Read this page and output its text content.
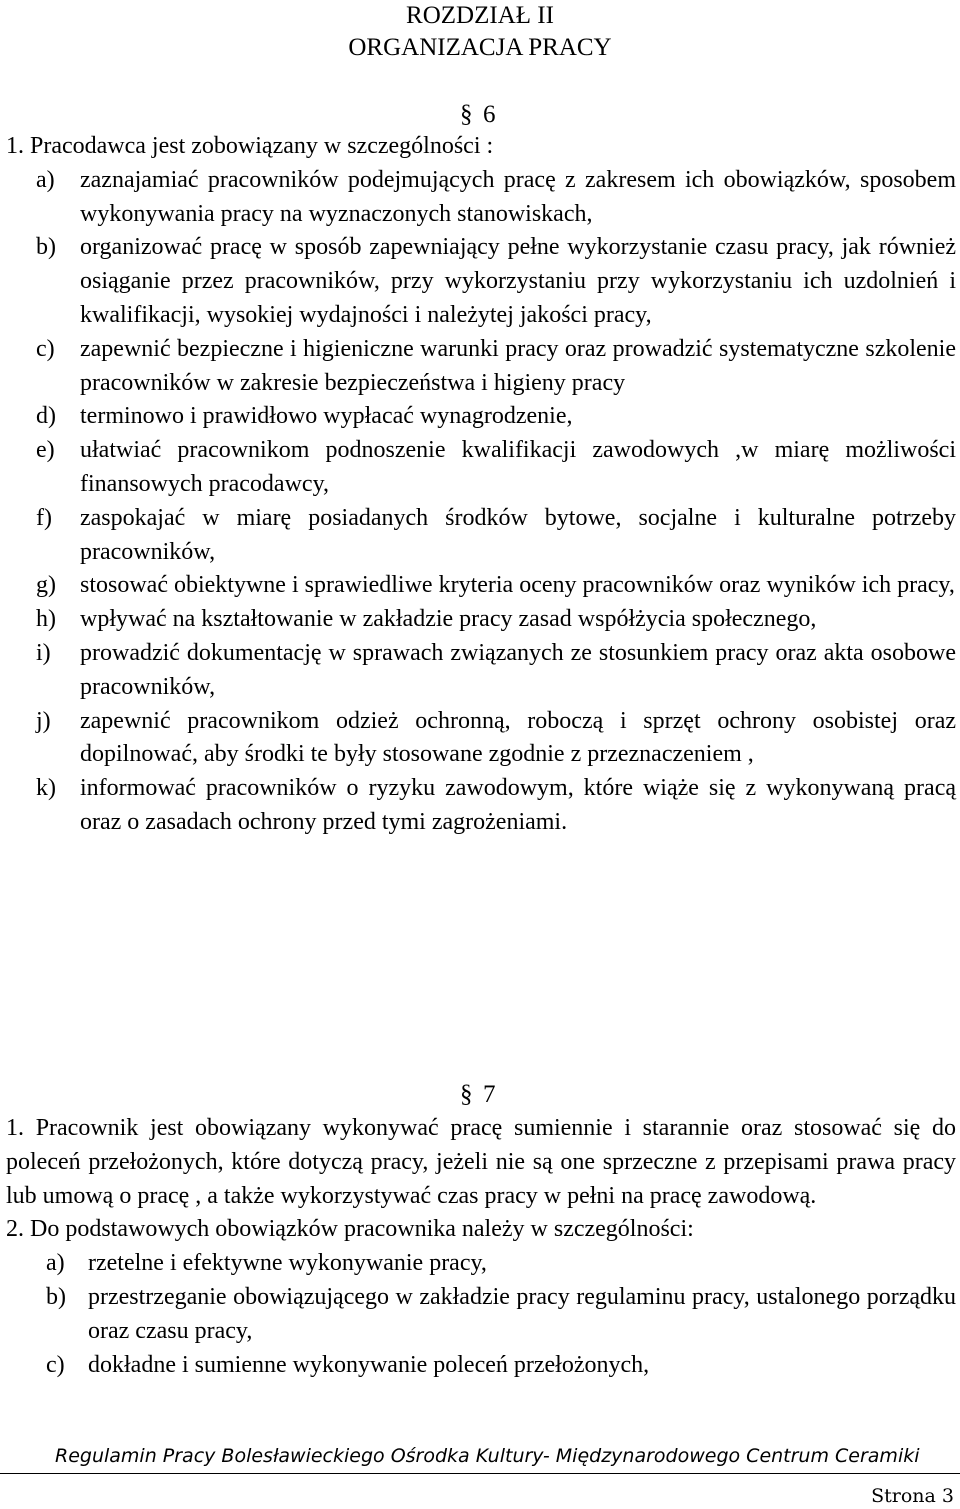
ROZDZIAŁ II
ORGANIZACJA PRACY
§ 6
1. Pracodawca jest zobowiązany w szczególności :
a)	zaznajamiać pracowników podejmujących pracę z zakresem ich obowiązków, sposobem wykonywania pracy na wyznaczonych stanowiskach,
b)	organizować pracę w sposób zapewniający pełne wykorzystanie czasu pracy, jak również osiąganie przez pracowników, przy wykorzystaniu przy wykorzystaniu ich uzdolnień i kwalifikacji, wysokiej wydajności i należytej jakości pracy,
c)	zapewnić bezpieczne i higieniczne warunki pracy oraz prowadzić systematyczne szkolenie pracowników w zakresie bezpieczeństwa i higieny pracy
d)	terminowo i prawidłowo wypłacać wynagrodzenie,
e)	ułatwiać pracownikom podnoszenie kwalifikacji zawodowych ,w miarę możliwości finansowych pracodawcy,
f)	zaspokajać w miarę posiadanych środków bytowe, socjalne i kulturalne potrzeby pracowników,
g)	stosować obiektywne i sprawiedliwe kryteria oceny pracowników oraz wyników ich pracy,
h)	wpływać na kształtowanie w zakładzie pracy zasad współżycia społecznego,
i)	prowadzić dokumentację w sprawach związanych ze stosunkiem pracy oraz akta osobowe pracowników,
j)	zapewnić pracownikom odzież ochronną, roboczą i sprzęt ochrony osobistej oraz dopilnować, aby środki te były stosowane zgodnie z przeznaczeniem ,
k)	informować pracowników o ryzyku zawodowym, które wiąże się z wykonywaną pracą oraz o zasadach ochrony przed tymi zagrożeniami.
§ 7
1. Pracownik jest obowiązany wykonywać pracę sumiennie i starannie oraz stosować się do poleceń przełożonych, które dotyczą pracy, jeżeli nie są one sprzeczne z przepisami prawa pracy lub umową o pracę , a także wykorzystywać czas pracy w pełni na pracę zawodową.
2. Do podstawowych obowiązków pracownika należy w szczególności:
a) rzetelne i efektywne wykonywanie pracy,
b) przestrzeganie obowiązującego w zakładzie pracy regulaminu pracy, ustalonego porządku oraz czasu pracy,
c) dokładne i sumienne wykonywanie poleceń przełożonych,
Regulamin Pracy Bolesławieckiego Ośrodka Kultury- Międzynarodowego Centrum Ceramiki
Strona 3
